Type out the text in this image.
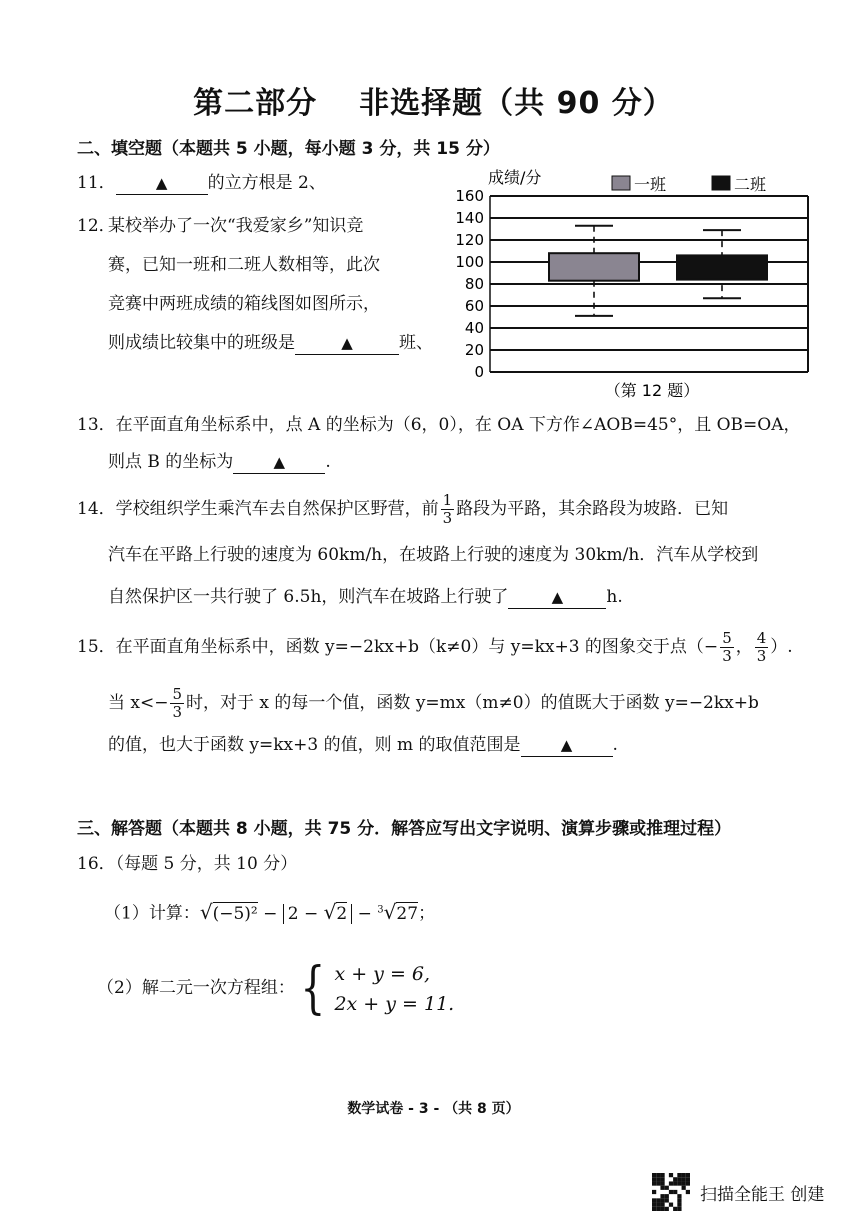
第二部分 非选择题（共 90 分）
二、填空题（本题共 5 小题，每小题 3 分，共 15 分）
11．	▲ 的立方根是 2、
12．
某校举办了一次“我爱家乡”知识竞
赛，已知一班和二班人数相等，此次
竞赛中两班成绩的箱线图如图所示，
则成绩比较集中的班级是	▲	班、
0
20
40
60
80
100
120
140
160
成绩/分	一班	二班
（第 12 题）
13．在平面直角坐标系中，点 A 的坐标为（6，0），在 OA 下方作∠AOB=45°，且 OB=OA，
则点 B 的坐标为	▲ .
14．学校组织学生乘汽车去自然保护区野营，前 $\frac{1}{3}$ 路段为平路，其余路段为坡路．已知
汽车在平路上行驶的速度为 60km/h，在坡路上行驶的速度为 30km/h．汽车从学校到
自然保护区一共行驶了 6.5h，则汽车在坡路上行驶了	▲	h.
15．在平面直角坐标系中，函数 y=−2kx+b（k≠0）与 y=kx+3 的图象交于点（− $\frac{5}{3}$ ， $\frac{4}{3}$ ）.
当 $x<- \frac{5}{3}$ 时，对于 x 的每一个值，函数 y=mx（m≠0）的值既大于函数 y=−2kx+b
的值，也大于函数 y=kx+3 的值，则 m 的取值范围是	▲ .
三、解答题（本题共 8 小题，共 75 分．解答应写出文字说明、演算步骤或推理过程）
16．（每题 5 分，共 10 分）
（1）计算：√(−5)² − 2 − √2 − $^3$√27；
（2）解二元一次方程组： { x + y = 6,
2x + y = 11.
数学试卷 - 3 - （共 8 页）
扫描全能王 创建
